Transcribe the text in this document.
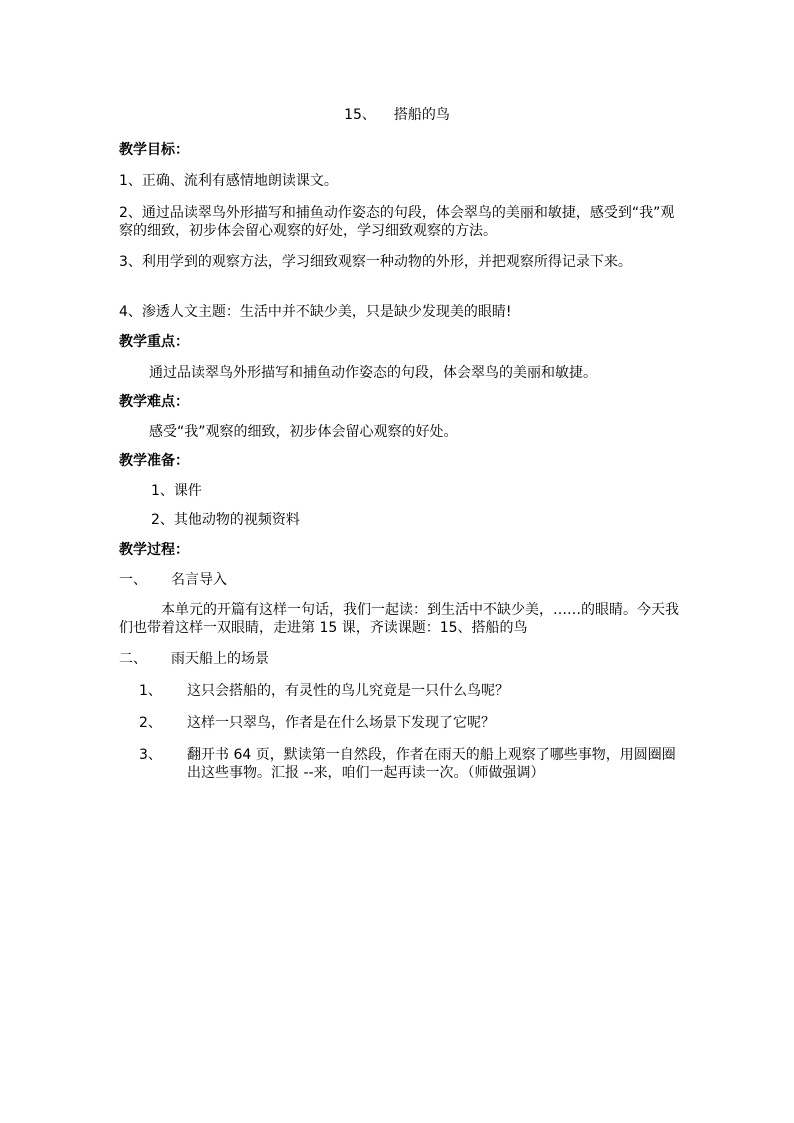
15、 搭船的鸟
教学目标：
1、正确、流利有感情地朗读课文。
2、通过品读翠鸟外形描写和捕鱼动作姿态的句段，体会翠鸟的美丽和敏捷，感受到“我”观察的细致，初步体会留心观察的好处，学习细致观察的方法。
3、利用学到的观察方法，学习细致观察一种动物的外形，并把观察所得记录下来。
4、渗透人文主题：生活中并不缺少美，只是缺少发现美的眼睛!
教学重点：
通过品读翠鸟外形描写和捕鱼动作姿态的句段，体会翠鸟的美丽和敏捷。
教学难点：
感受“我”观察的细致，初步体会留心观察的好处。
教学准备：
1、课件
2、其他动物的视频资料
教学过程：
一、 名言导入
本单元的开篇有这样一句话，我们一起读：到生活中不缺少美，……的眼睛。今天我们也带着这样一双眼睛，走进第 15 课，齐读课题：15、搭船的鸟
二、 雨天船上的场景
1、 这只会搭船的，有灵性的鸟儿究竟是一只什么鸟呢？
2、 这样一只翠鸟，作者是在什么场景下发现了它呢？
3、 翻开书 64 页，默读第一自然段，作者在雨天的船上观察了哪些事物，用圆圈圈出这些事物。汇报 --来，咱们一起再读一次。（师做强调）
